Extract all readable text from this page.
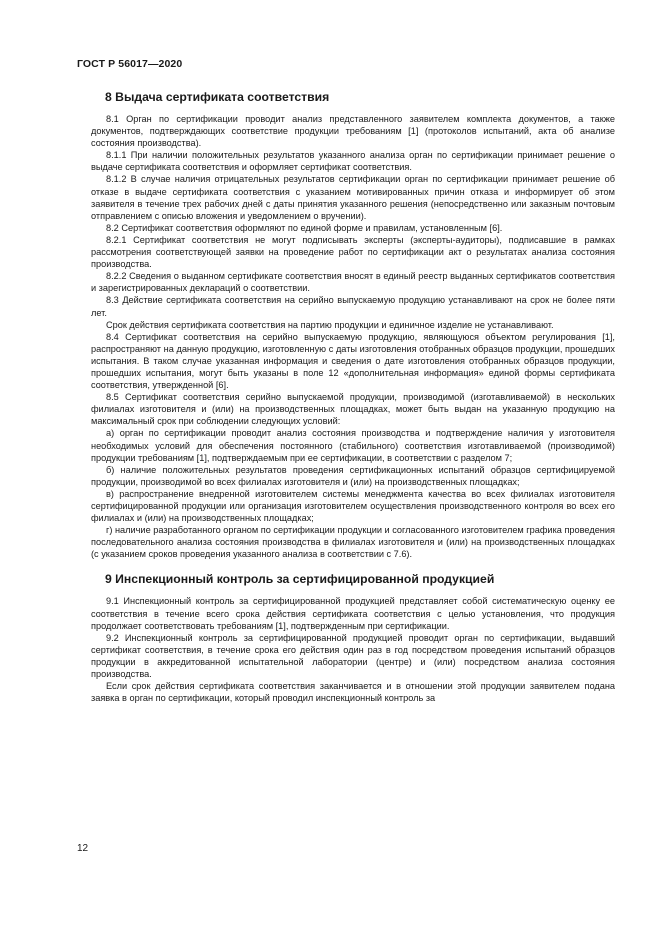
ГОСТ Р 56017—2020
8 Выдача сертификата соответствия

8.1 Орган по сертификации проводит анализ представленного заявителем комплекта документов, а также документов, подтверждающих соответствие продукции требованиям [1] (протоколов испытаний, акта об анализе состояния производства).

8.1.1 При наличии положительных результатов указанного анализа орган по сертификации принимает решение о выдаче сертификата соответствия и оформляет сертификат соответствия.

8.1.2 В случае наличия отрицательных результатов сертификации орган по сертификации принимает решение об отказе в выдаче сертификата соответствия с указанием мотивированных причин отказа и информирует об этом заявителя в течение трех рабочих дней с даты принятия указанного решения (непосредственно или заказным почтовым отправлением с описью вложения и уведомлением о вручении).

8.2 Сертификат соответствия оформляют по единой форме и правилам, установленным [6].

8.2.1 Сертификат соответствия не могут подписывать эксперты (эксперты-аудиторы), подписавшие в рамках рассмотрения соответствующей заявки на проведение работ по сертификации акт о результатах анализа состояния производства.

8.2.2 Сведения о выданном сертификате соответствия вносят в единый реестр выданных сертификатов соответствия и зарегистрированных деклараций о соответствии.

8.3 Действие сертификата соответствия на серийно выпускаемую продукцию устанавливают на срок не более пяти лет.

Срок действия сертификата соответствия на партию продукции и единичное изделие не устанавливают.

8.4 Сертификат соответствия на серийно выпускаемую продукцию, являющуюся объектом регулирования [1], распространяют на данную продукцию, изготовленную с даты изготовления отобранных образцов продукции, прошедших испытания. В таком случае указанная информация и сведения о дате изготовления отобранных образцов продукции, прошедших испытания, могут быть указаны в поле 12 «дополнительная информация» единой формы сертификата соответствия, утвержденной [6].

8.5 Сертификат соответствия серийно выпускаемой продукции, производимой (изготавливаемой) в нескольких филиалах изготовителя и (или) на производственных площадках, может быть выдан на указанную продукцию на максимальный срок при соблюдении следующих условий:

а) орган по сертификации проводит анализ состояния производства и подтверждение наличия у изготовителя необходимых условий для обеспечения постоянного (стабильного) соответствия изготавливаемой (производимой) продукции требованиям [1], подтверждаемым при ее сертификации, в соответствии с разделом 7;

б) наличие положительных результатов проведения сертификационных испытаний образцов сертифицируемой продукции, производимой во всех филиалах изготовителя и (или) на производственных площадках;

в) распространение внедренной изготовителем системы менеджмента качества во всех филиалах изготовителя сертифицированной продукции или организация изготовителем осуществления производственного контроля во всех его филиалах и (или) на производственных площадках;

г) наличие разработанного органом по сертификации продукции и согласованного изготовителем графика проведения последовательного анализа состояния производства в филиалах изготовителя и (или) на производственных площадках (с указанием сроков проведения указанного анализа в соответствии с 7.6).

9 Инспекционный контроль за сертифицированной продукцией

9.1 Инспекционный контроль за сертифицированной продукцией представляет собой систематическую оценку ее соответствия в течение всего срока действия сертификата соответствия с целью установления, что продукция продолжает соответствовать требованиям [1], подтвержденным при сертификации.

9.2 Инспекционный контроль за сертифицированной продукцией проводит орган по сертификации, выдавший сертификат соответствия, в течение срока его действия один раз в год посредством проведения испытаний образцов продукции в аккредитованной испытательной лаборатории (центре) и (или) посредством анализа состояния производства.

Если срок действия сертификата соответствия заканчивается и в отношении этой продукции заявителем подана заявка в орган по сертификации, который проводил инспекционный контроль за

12
